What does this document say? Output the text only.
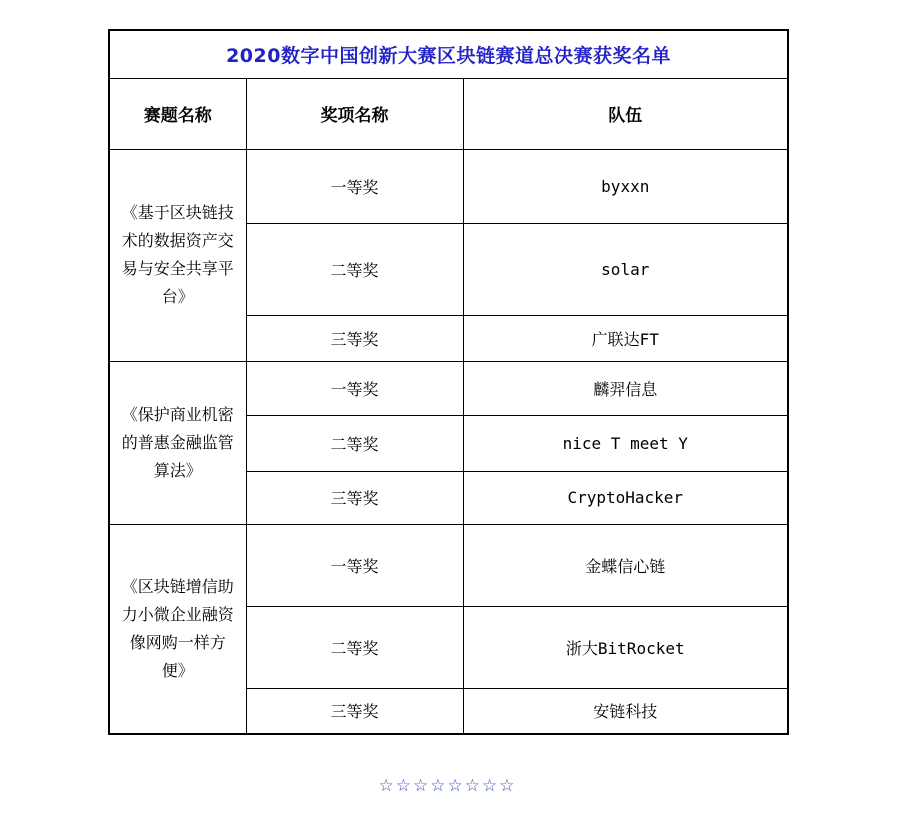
2020数字中国创新大赛区块链赛道总决赛获奖名单		
赛题名称	奖项名称	队伍
《基于区块链技术的数据资产交易与安全共享平台》	一等奖	byxxn
	二等奖	solar
	三等奖	广联达FT
《保护商业机密的普惠金融监管算法》	一等奖	麟羿信息
	二等奖	nice T meet Y
	三等奖	CryptoHacker
《区块链增信助力小微企业融资像网购一样方便》	一等奖	金蝶信心链
	二等奖	浙大BitRocket
	三等奖	安链科技
☆☆☆☆☆☆☆☆
